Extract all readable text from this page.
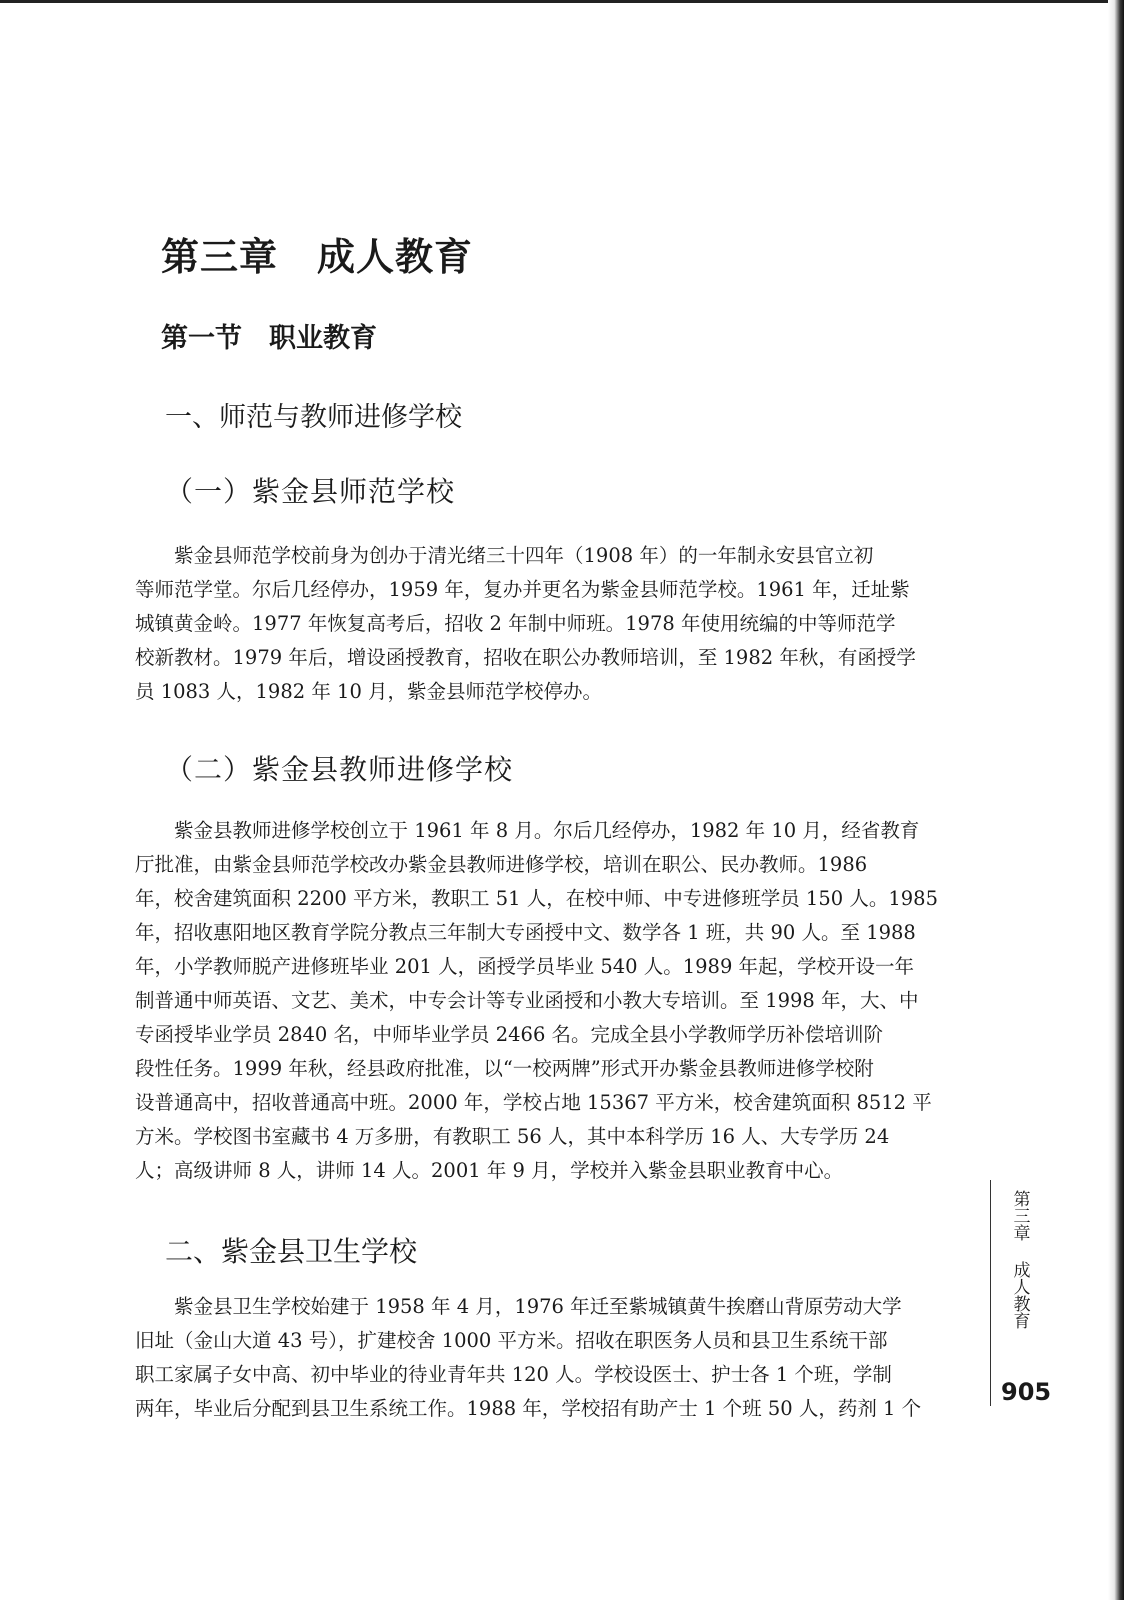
第三章　成人教育
第一节　职业教育
一、师范与教师进修学校
（一）紫金县师范学校
紫金县师范学校前身为创办于清光绪三十四年（1908 年）的一年制永安县官立初
等师范学堂。尔后几经停办，1959 年，复办并更名为紫金县师范学校。1961 年，迁址紫
城镇黄金岭。1977 年恢复高考后，招收 2 年制中师班。1978 年使用统编的中等师范学
校新教材。1979 年后，增设函授教育，招收在职公办教师培训，至 1982 年秋，有函授学
员 1083 人，1982 年 10 月，紫金县师范学校停办。
（二）紫金县教师进修学校
紫金县教师进修学校创立于 1961 年 8 月。尔后几经停办，1982 年 10 月，经省教育
厅批准，由紫金县师范学校改办紫金县教师进修学校，培训在职公、民办教师。1986
年，校舍建筑面积 2200 平方米，教职工 51 人，在校中师、中专进修班学员 150 人。1985
年，招收惠阳地区教育学院分教点三年制大专函授中文、数学各 1 班，共 90 人。至 1988
年，小学教师脱产进修班毕业 201 人，函授学员毕业 540 人。1989 年起，学校开设一年
制普通中师英语、文艺、美术，中专会计等专业函授和小教大专培训。至 1998 年，大、中
专函授毕业学员 2840 名，中师毕业学员 2466 名。完成全县小学教师学历补偿培训阶
段性任务。1999 年秋，经县政府批准，以“一校两牌”形式开办紫金县教师进修学校附
设普通高中，招收普通高中班。2000 年，学校占地 15367 平方米，校舍建筑面积 8512 平
方米。学校图书室藏书 4 万多册，有教职工 56 人，其中本科学历 16 人、大专学历 24
人；高级讲师 8 人，讲师 14 人。2001 年 9 月，学校并入紫金县职业教育中心。
二、紫金县卫生学校
紫金县卫生学校始建于 1958 年 4 月，1976 年迁至紫城镇黄牛挨磨山背原劳动大学
旧址（金山大道 43 号），扩建校舍 1000 平方米。招收在职医务人员和县卫生系统干部
职工家属子女中高、初中毕业的待业青年共 120 人。学校设医士、护士各 1 个班，学制
两年，毕业后分配到县卫生系统工作。1988 年，学校招有助产士 1 个班 50 人，药剂 1 个
第三章
成人教育
905
